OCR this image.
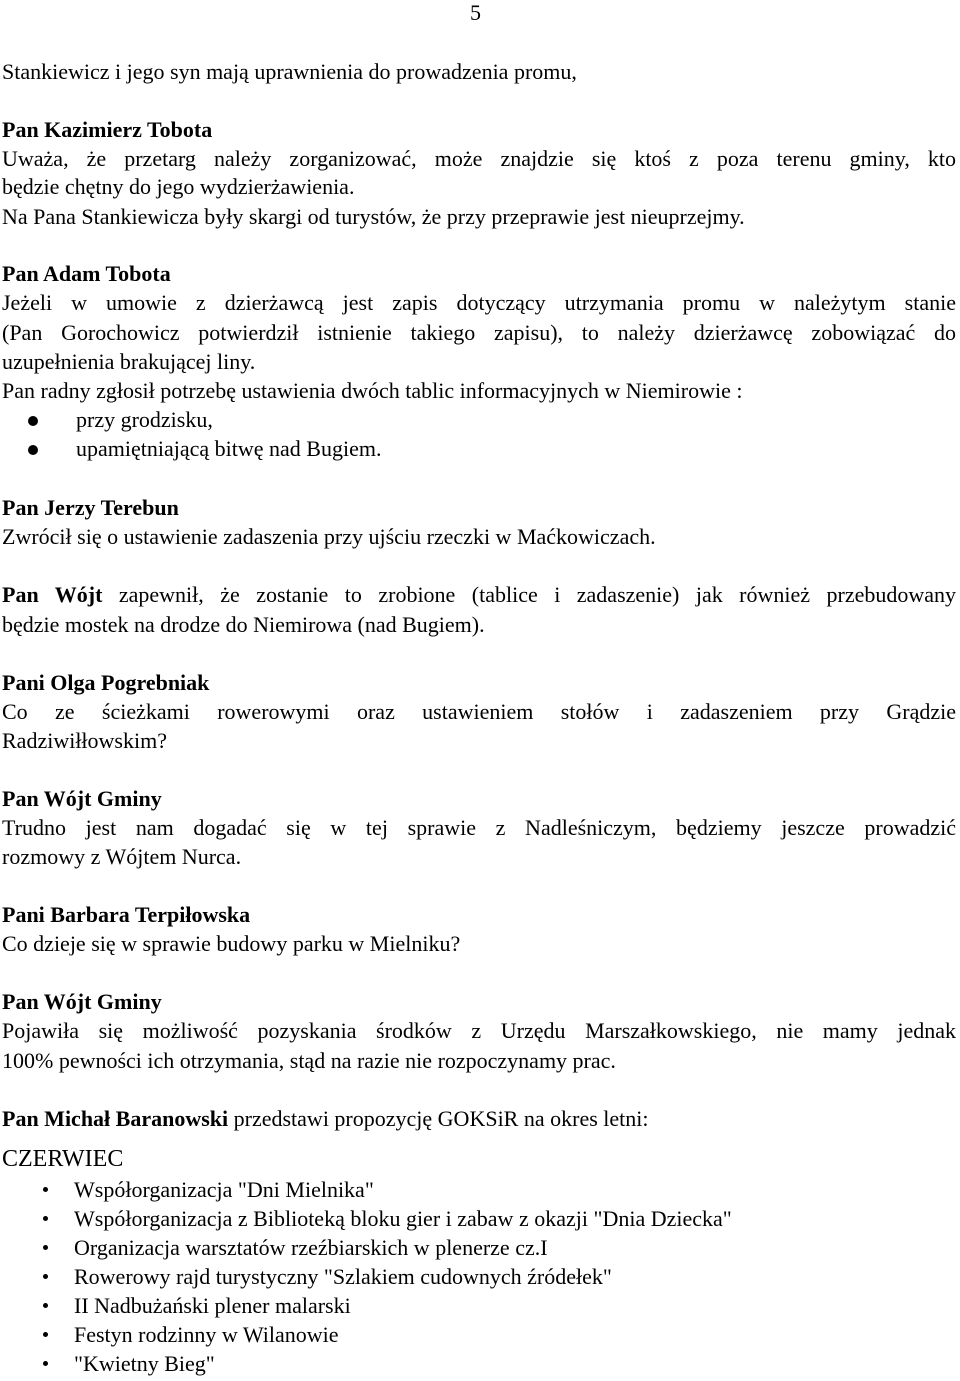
5
Stankiewicz i jego syn mają uprawnienia do prowadzenia promu,
Pan Kazimierz Tobota
Uważa, że przetarg należy zorganizować, może znajdzie się ktoś z poza terenu gminy, kto
będzie chętny do jego wydzierżawienia.
Na Pana Stankiewicza były skargi od turystów, że przy przeprawie jest nieuprzejmy.
Pan Adam Tobota
Jeżeli w umowie z dzierżawcą jest zapis dotyczący utrzymania promu w należytym stanie
(Pan Gorochowicz potwierdził istnienie takiego zapisu), to należy dzierżawcę zobowiązać do
uzupełnienia brakującej liny.
Pan radny zgłosił potrzebę ustawienia dwóch tablic informacyjnych w Niemirowie :
przy grodzisku,
upamiętniającą bitwę nad Bugiem.
Pan Jerzy Terebun
Zwrócił się o ustawienie zadaszenia przy ujściu rzeczki w Maćkowiczach.
Pan Wójt zapewnił, że zostanie to zrobione (tablice i zadaszenie) jak również przebudowany
będzie mostek na drodze do Niemirowa (nad Bugiem).
Pani Olga Pogrebniak
Co ze ścieżkami rowerowymi oraz ustawieniem stołów i zadaszeniem przy Grądzie
Radziwiłłowskim?
Pan Wójt Gminy
Trudno jest nam dogadać się w tej sprawie z Nadleśniczym, będziemy jeszcze prowadzić
rozmowy z Wójtem Nurca.
Pani Barbara Terpiłowska
Co dzieje się w sprawie budowy parku w Mielniku?
Pan Wójt Gminy
Pojawiła się możliwość pozyskania środków z Urzędu Marszałkowskiego, nie mamy jednak
100% pewności ich otrzymania, stąd na razie nie rozpoczynamy prac.
Pan Michał Baranowski przedstawi propozycję GOKSiR na okres letni:
CZERWIEC
Współorganizacja "Dni Mielnika"
Współorganizacja z Biblioteką bloku gier i zabaw z okazji "Dnia Dziecka"
Organizacja warsztatów rzeźbiarskich w plenerze cz.I
Rowerowy rajd turystyczny "Szlakiem cudownych źródełek"
II Nadbużański plener malarski
Festyn rodzinny w Wilanowie
"Kwietny Bieg"
